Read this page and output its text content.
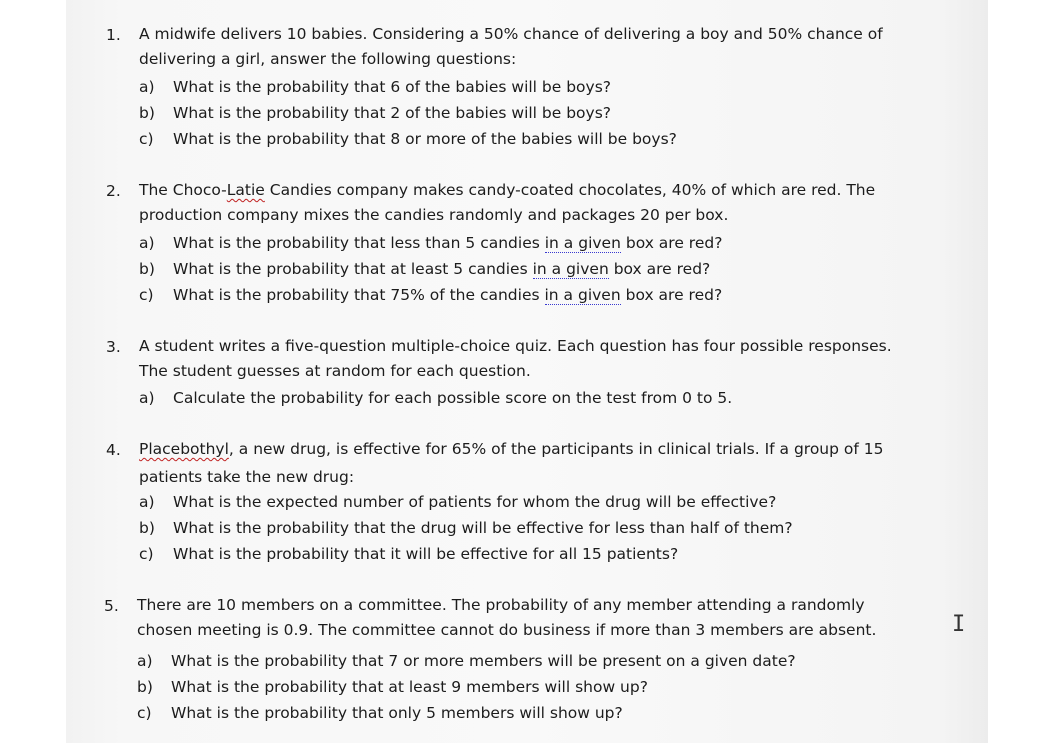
1. A midwife delivers 10 babies. Considering a 50% chance of delivering a boy and 50% chance of
delivering a girl, answer the following questions:
a) What is the probability that 6 of the babies will be boys?
b) What is the probability that 2 of the babies will be boys?
c) What is the probability that 8 or more of the babies will be boys?
2. The Choco-Latie Candies company makes candy-coated chocolates, 40% of which are red. The
production company mixes the candies randomly and packages 20 per box.
a) What is the probability that less than 5 candies in a given box are red?
b) What is the probability that at least 5 candies in a given box are red?
c) What is the probability that 75% of the candies in a given box are red?
3. A student writes a five-question multiple-choice quiz. Each question has four possible responses.
The student guesses at random for each question.
a) Calculate the probability for each possible score on the test from 0 to 5.
4. Placebothyl, a new drug, is effective for 65% of the participants in clinical trials. If a group of 15
patients take the new drug:
a) What is the expected number of patients for whom the drug will be effective?
b) What is the probability that the drug will be effective for less than half of them?
c) What is the probability that it will be effective for all 15 patients?
5. There are 10 members on a committee. The probability of any member attending a randomly
chosen meeting is 0.9. The committee cannot do business if more than 3 members are absent.
a) What is the probability that 7 or more members will be present on a given date?
b) What is the probability that at least 9 members will show up?
c) What is the probability that only 5 members will show up?
I
